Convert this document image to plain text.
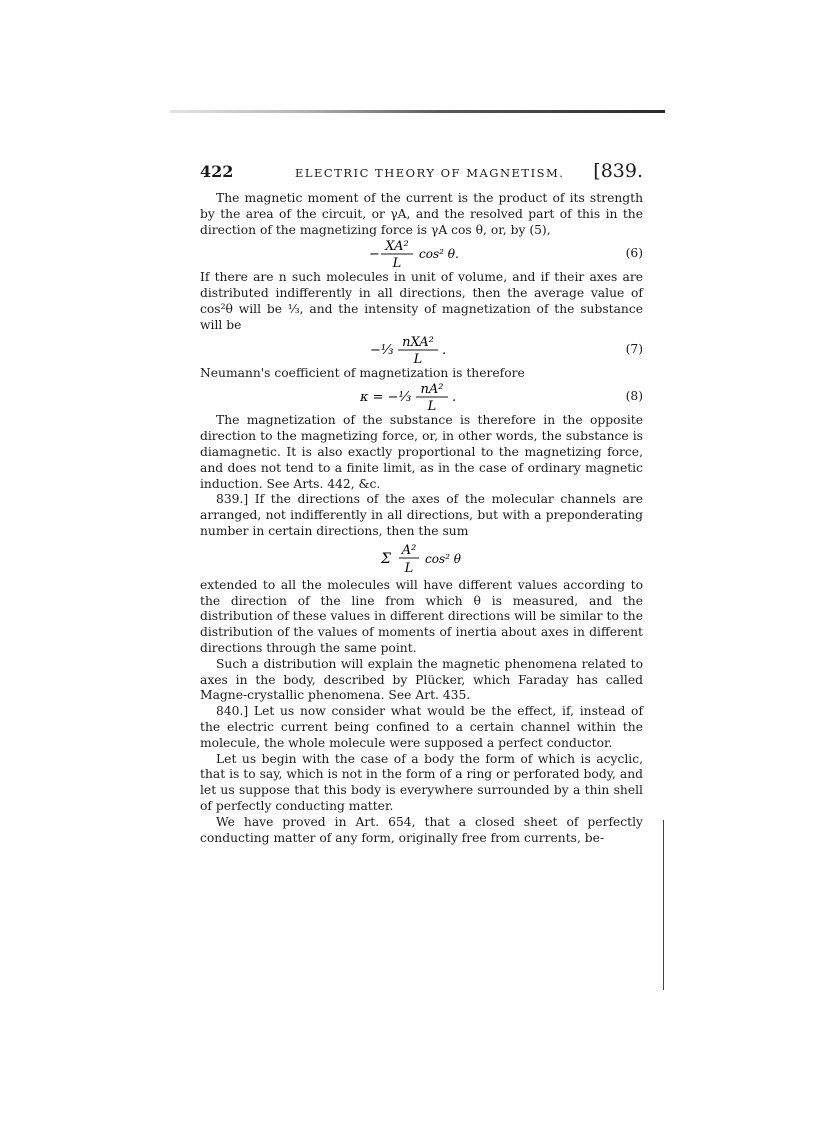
422	ELECTRIC THEORY OF MAGNETISM. [839.

The magnetic moment of the current is the product of its strength by the area of the circuit, or γA, and the resolved part of this in the direction of the magnetizing force is γA cos θ, or, by (5),

−
XA²
L
cos² θ.	(6)

If there are n such molecules in unit of volume, and if their axes are distributed indifferently in all directions, then the average value of cos²θ will be ⅓, and the intensity of magnetization of the substance will be

−⅓
nXA²
L
.	(7)

Neumann's coefficient of magnetization is therefore

κ = −⅓
nA²
L
.	(8)

The magnetization of the substance is therefore in the opposite direction to the magnetizing force, or, in other words, the substance is diamagnetic. It is also exactly proportional to the magnetizing force, and does not tend to a finite limit, as in the case of ordinary magnetic induction. See Arts. 442, &c.

839.] If the directions of the axes of the molecular channels are arranged, not indifferently in all directions, but with a preponderating number in certain directions, then the sum

Σ
A²
L
cos² θ

extended to all the molecules will have different values according to the direction of the line from which θ is measured, and the distribution of these values in different directions will be similar to the distribution of the values of moments of inertia about axes in different directions through the same point.

Such a distribution will explain the magnetic phenomena related to axes in the body, described by Plücker, which Faraday has called Magne-crystallic phenomena. See Art. 435.

840.] Let us now consider what would be the effect, if, instead of the electric current being confined to a certain channel within the molecule, the whole molecule were supposed a perfect conductor.

Let us begin with the case of a body the form of which is acyclic, that is to say, which is not in the form of a ring or perforated body, and let us suppose that this body is everywhere surrounded by a thin shell of perfectly conducting matter.

We have proved in Art. 654, that a closed sheet of perfectly conducting matter of any form, originally free from currents, be-
